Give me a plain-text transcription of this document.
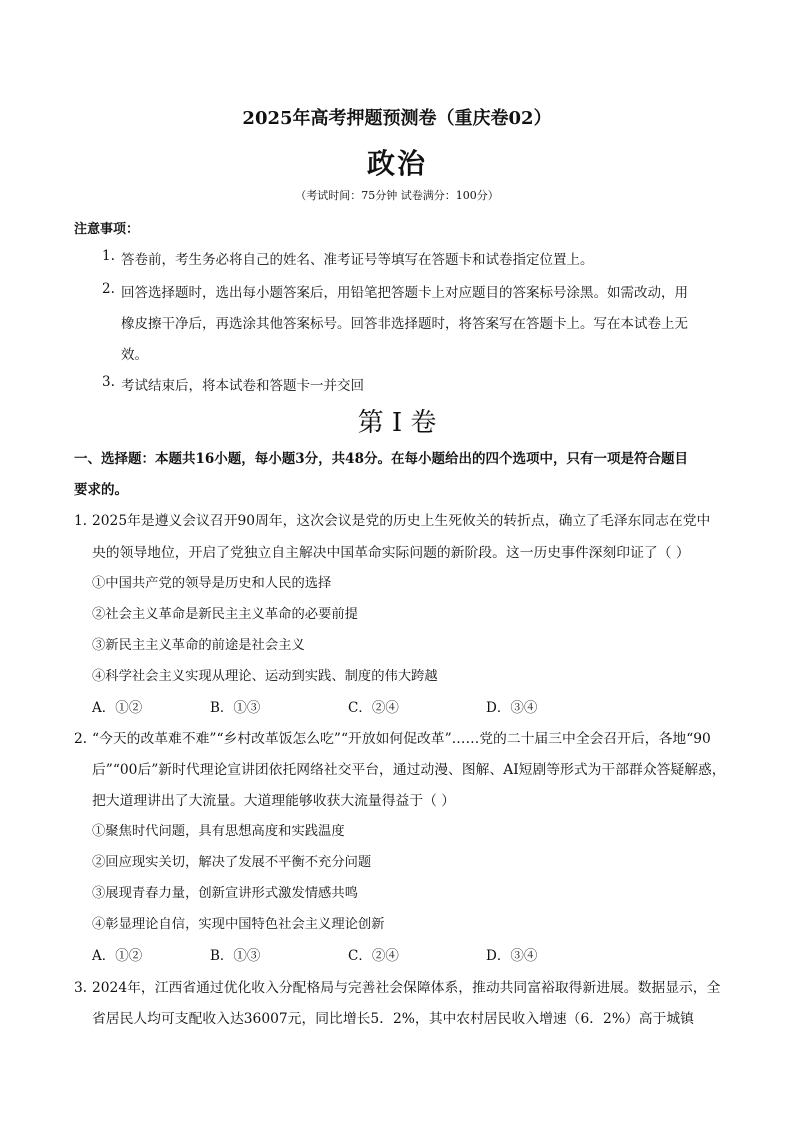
2025年高考押题预测卷（重庆卷02）
政治
（考试时间：75分钟 试卷满分：100分）
注意事项：
1. 答卷前，考生务必将自己的姓名、准考证号等填写在答题卡和试卷指定位置上。
2. 回答选择题时，选出每小题答案后，用铅笔把答题卡上对应题目的答案标号涂黑。如需改动，用
橡皮擦干净后，再选涂其他答案标号。回答非选择题时，将答案写在答题卡上。写在本试卷上无
效。
3. 考试结束后，将本试卷和答题卡一并交回
第 I 卷
一、选择题：本题共16小题，每小题3分，共48分。在每小题给出的四个选项中，只有一项是符合题目
要求的。
1．
2025年是遵义会议召开90周年，这次会议是党的历史上生死攸关的转折点，确立了毛泽东同志在党中
央的领导地位，开启了党独立自主解决中国革命实际问题的新阶段。这一历史事件深刻印证了（ ）
①中国共产党的领导是历史和人民的选择
②社会主义革命是新民主主义革命的必要前提
③新民主主义革命的前途是社会主义
④科学社会主义实现从理论、运动到实践、制度的伟大跨越
A．①②	B．①③	C．②④	D．③④
2．
“今天的改革难不难”“乡村改革饭怎么吃”“开放如何促改革”……党的二十届三中全会召开后，各地“90
后”“00后”新时代理论宣讲团依托网络社交平台，通过动漫、图解、AI短剧等形式为干部群众答疑解惑，
把大道理讲出了大流量。大道理能够收获大流量得益于（ ）
①聚焦时代问题，具有思想高度和实践温度
②回应现实关切，解决了发展不平衡不充分问题
③展现青春力量，创新宣讲形式激发情感共鸣
④彰显理论自信，实现中国特色社会主义理论创新
A．①②	B．①③	C．②④	D．③④
3．
2024年，江西省通过优化收入分配格局与完善社会保障体系，推动共同富裕取得新进展。数据显示，全
省居民人均可支配收入达36007元，同比增长5．2%，其中农村居民收入增速（6．2%）高于城镇
